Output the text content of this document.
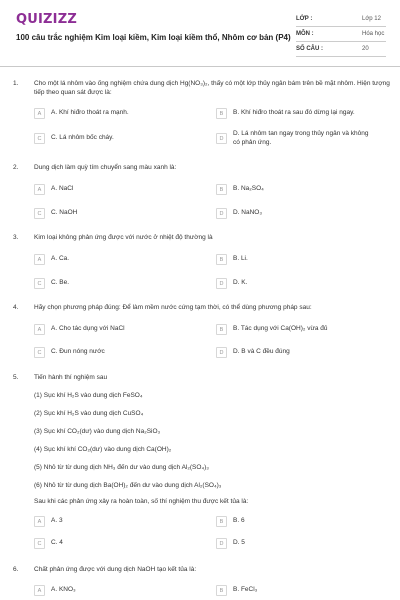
QUIZIZZ
100 câu trắc nghiệm Kim loại kiềm, Kim loại kiềm thổ, Nhôm cơ bản (P4)
LỚP :	Lớp 12
MÔN :	Hóa học
SỐ CÂU :	20
1. Cho một lá nhôm vào ống nghiệm chứa dung dịch Hg(NO₃)₂, thấy có một lớp thủy ngân bám trên bề mặt nhôm. Hiện tượng tiếp theo quan sát được là:
A	A. Khí hiđro thoát ra mạnh.	B	B. Khí hiđro thoát ra sau đó dừng lại ngay.
C	C. Lá nhôm bốc cháy.	D
D. Lá nhôm tan ngay trong thủy ngân và không có phản ứng.
2. Dung dịch làm quỳ tím chuyển sang màu xanh là:
A	A. NaCl	B	B. Na₂SO₄
C	C. NaOH	D	D. NaNO₃
3. Kim loại không phản ứng được với nước ở nhiệt độ thường là
A	A. Ca.	B	B. Li.
C	C. Be.	D	D. K.
4. Hãy chọn phương pháp đúng: Để làm mềm nước cứng tạm thời, có thể dùng phương pháp sau:
A	A. Cho tác dụng với NaCl	B	B. Tác dụng với Ca(OH)₂ vừa đủ
C	C. Đun nóng nước	D	D. B và C đều đúng
5. Tiến hành thí nghiệm sau
(1) Sục khí H₂S vào dung dịch FeSO₄
(2) Sục khí H₂S vào dung dịch CuSO₄
(3) Sục khí CO₂(dư) vào dung dịch Na₂SiO₃
(4) Sục khí khí CO₂(dư) vào dung dịch Ca(OH)₂
(5) Nhỏ từ từ dung dịch NH₃ đến dư vào dung dịch Al₂(SO₄)₃
(6) Nhỏ từ từ dung dịch Ba(OH)₂ đến dư vào dung dịch Al₂(SO₄)₃
Sau khi các phản ứng xảy ra hoàn toàn, số thí nghiệm thu được kết tủa là:
A	A. 3	B	B. 6
C	C. 4	D	D. 5
6. Chất phản ứng được với dung dịch NaOH tạo kết tủa là:
A	A. KNO₃	B	B. FeCl₃
